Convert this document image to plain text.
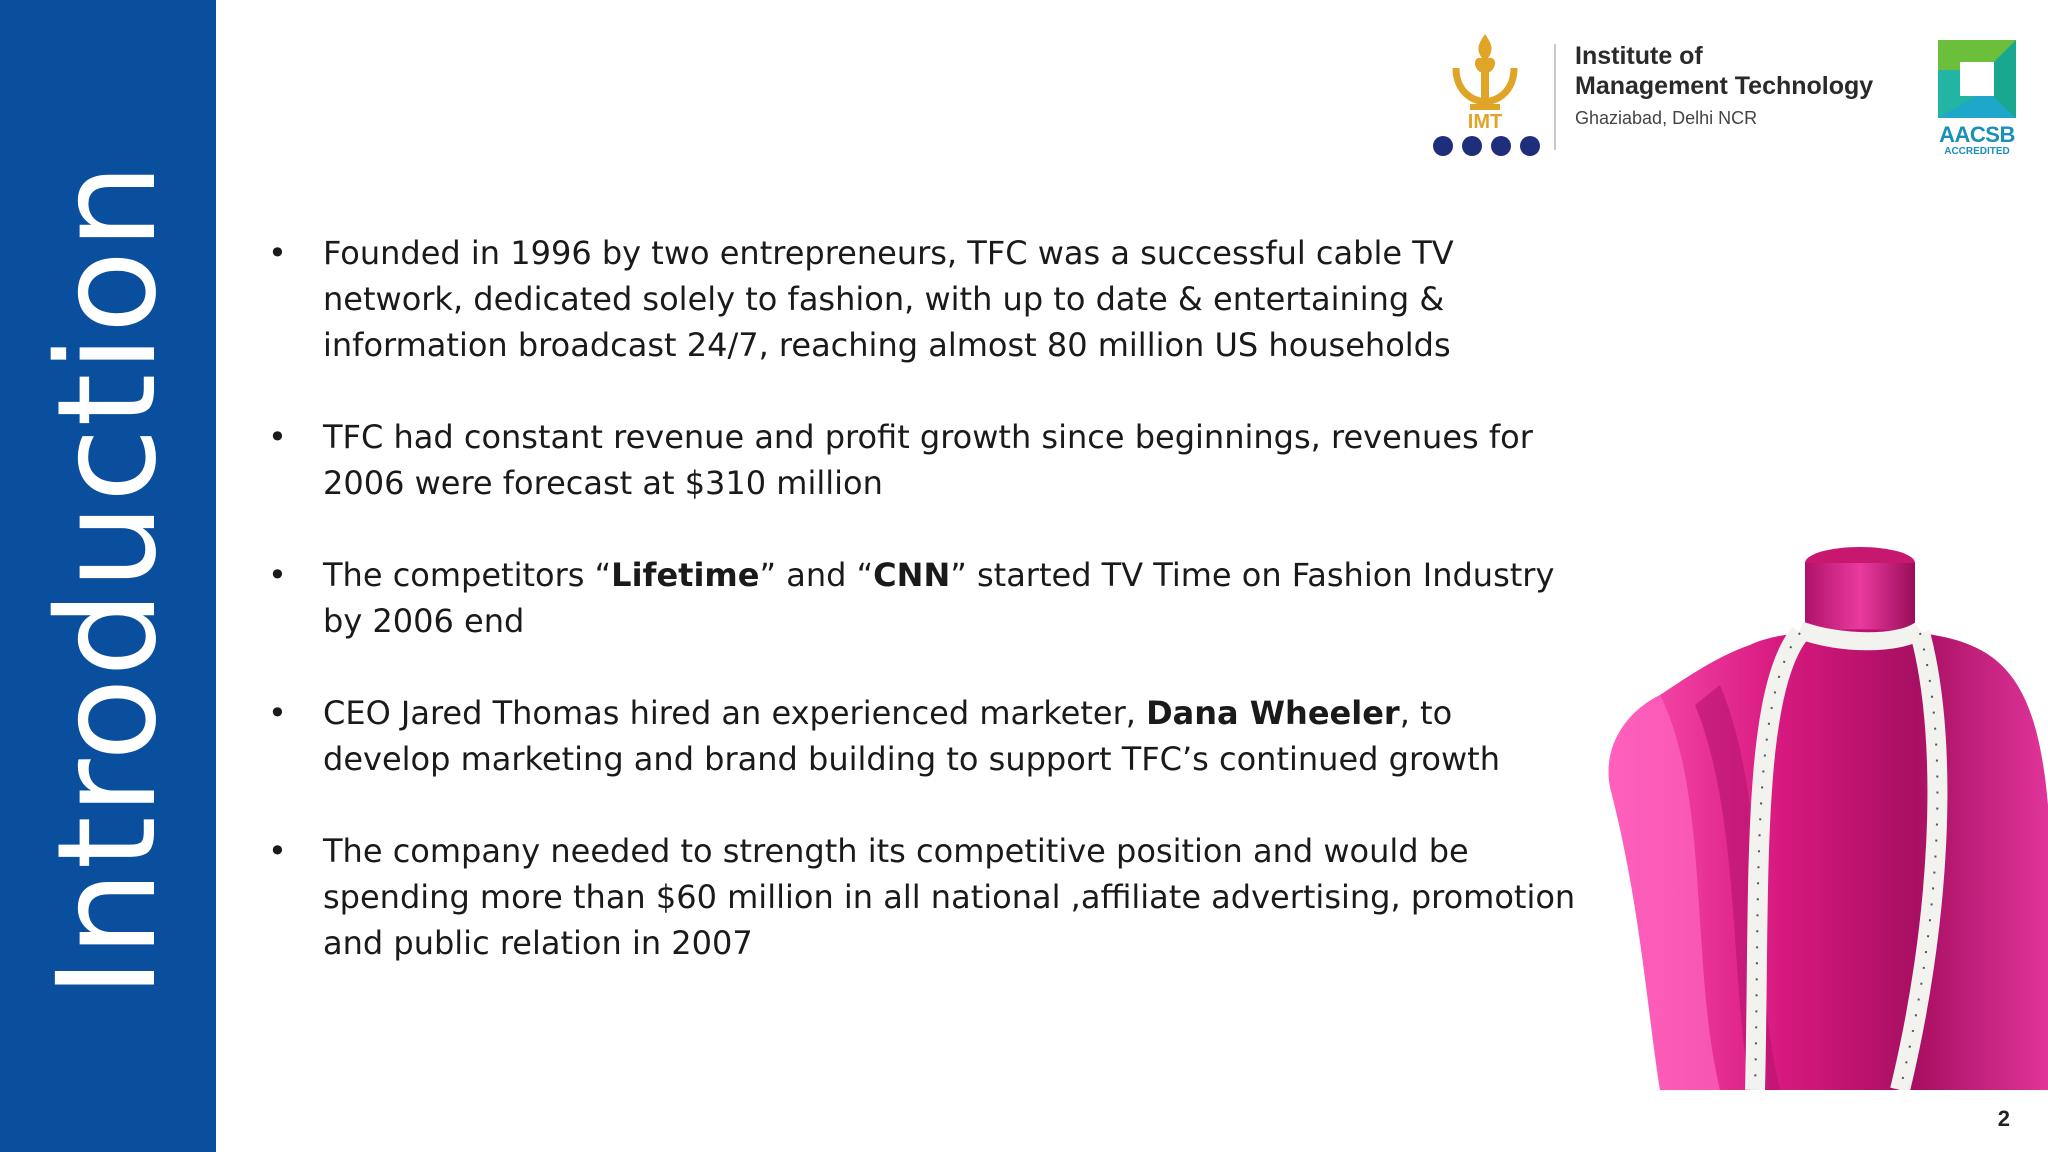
Introduction
IMT
Institute of
Management Technology
Ghaziabad, Delhi NCR
AACSB
ACCREDITED
• Founded in 1996 by two entrepreneurs, TFC was a successful cable TV network, dedicated solely to fashion, with up to date & entertaining & information broadcast 24/7, reaching almost 80 million US households
• TFC had constant revenue and profit growth since beginnings, revenues for 2006 were forecast at $310 million
• The competitors “Lifetime” and “CNN” started TV Time on Fashion Industry by 2006 end
• CEO Jared Thomas hired an experienced marketer, Dana Wheeler, to develop marketing and brand building to support TFC’s continued growth
• The company needed to strength its competitive position and would be spending more than $60 million in all national ,affiliate advertising, promotion and public relation in 2007
2
